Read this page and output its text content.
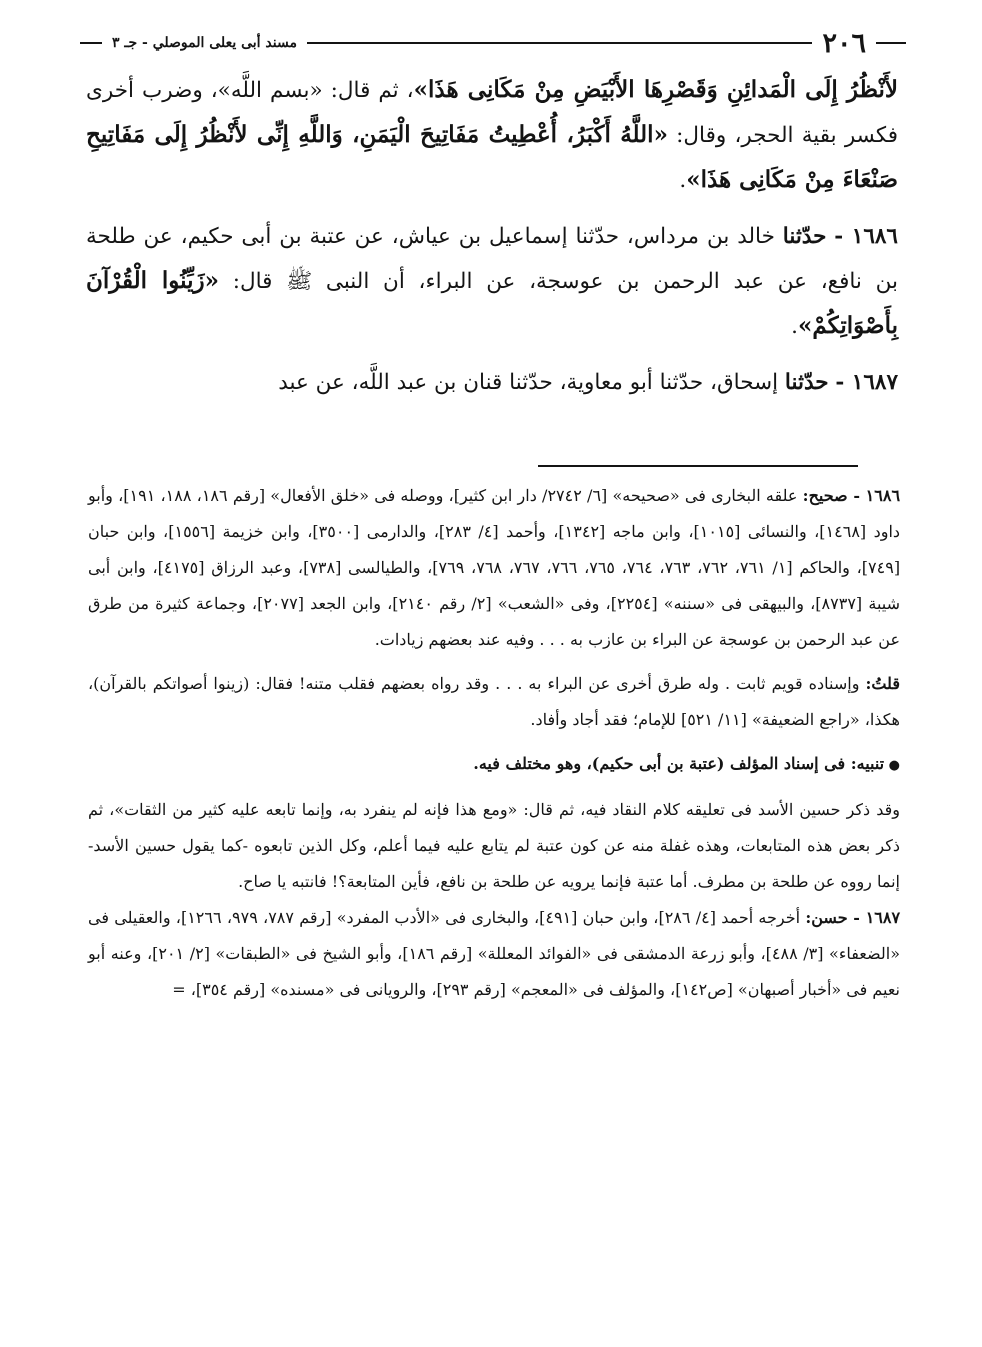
٢٠٦
مسند أبى يعلى الموصلي - جـ ٣

لأَنْظُرُ إِلَى الْمَدائِنِ وَقَصْرِهَا الأَبْيَضِ مِنْ مَكَانِى هَذَا»، ثم قال: «بسم اللَّه»، وضرب أخرى فكسر بقية الحجر، وقال: «اللَّهُ أَكْبَرُ، أُعْطِيتُ مَفَاتِيحَ الْيَمَنِ، وَاللَّهِ إِنِّى لأَنْظُرُ إِلَى مَفَاتِيحِ صَنْعَاءَ مِنْ مَكَانِى هَذَا».

١٦٨٦ - حدّثنا خالد بن مرداس، حدّثنا إسماعيل بن عياش، عن عتبة بن أبى حكيم، عن طلحة بن نافع، عن عبد الرحمن بن عوسجة، عن البراء، أن النبى ﷺ قال: «زَيِّنُوا الْقُرْآنَ بِأَصْوَاتِكُمْ».

١٦٨٧ - حدّثنا إسحاق، حدّثنا أبو معاوية، حدّثنا قنان بن عبد اللَّه، عن عبد

١٦٨٦ - صحيح: علقه البخارى فى «صحيحه» [٦/ ٢٧٤٢/ دار ابن كثير]، ووصله فى «خلق الأفعال» [رقم ١٨٦، ١٨٨، ١٩١]، وأبو داود [١٤٦٨]، والنسائى [١٠١٥]، وابن ماجه [١٣٤٢]، وأحمد [٤/ ٢٨٣]، والدارمى [٣٥٠٠]، وابن خزيمة [١٥٥٦]، وابن حبان [٧٤٩]، والحاكم [١/ ٧٦١، ٧٦٢، ٧٦٣، ٧٦٤، ٧٦٥، ٧٦٦، ٧٦٧، ٧٦٨، ٧٦٩]، والطيالسى [٧٣٨]، وعبد الرزاق [٤١٧٥]، وابن أبى شيبة [٨٧٣٧]، والبيهقى فى «سننه» [٢٢٥٤]، وفى «الشعب» [٢/ رقم ٢١٤٠]، وابن الجعد [٢٠٧٧]، وجماعة كثيرة من طرق عن عبد الرحمن بن عوسجة عن البراء بن عازب به . . . وفيه عند بعضهم زيادات.

قلتُ: وإسناده قويم ثابت . وله طرق أخرى عن البراء به . . . وقد رواه بعضهم فقلب متنه! فقال: (زينوا أصواتكم بالقرآن)، هكذا، «راجع الضعيفة» [١١/ ٥٢١] للإمام؛ فقد أجاد وأفاد.

● تنبيه: فى إسناد المؤلف (عتبة بن أبى حكيم)، وهو مختلف فيه.

وقد ذكر حسين الأسد فى تعليقه كلام النقاد فيه، ثم قال: «ومع هذا فإنه لم ينفرد به، وإنما تابعه عليه كثير من الثقات»، ثم ذكر بعض هذه المتابعات، وهذه غفلة منه عن كون عتبة لم يتابع عليه فيما أعلم، وكل الذين تابعوه -كما يقول حسين الأسد- إنما رووه عن طلحة بن مطرف. أما عتبة فإنما يرويه عن طلحة بن نافع، فأين المتابعة؟! فانتبه يا صاح.

١٦٨٧ - حسن: أخرجه أحمد [٤/ ٢٨٦]، وابن حبان [٤٩١]، والبخارى فى «الأدب المفرد» [رقم ٧٨٧، ٩٧٩، ١٢٦٦]، والعقيلى فى «الضعفاء» [٣/ ٤٨٨]، وأبو زرعة الدمشقى فى «الفوائد المعللة» [رقم ١٨٦]، وأبو الشيخ فى «الطبقات» [٢/ ٢٠١]، وعنه أبو نعيم فى «أخبار أصبهان» [ص١٤٢]، والمؤلف فى «المعجم» [رقم ٢٩٣]، والرويانى فى «مسنده» [رقم ٣٥٤]، =
